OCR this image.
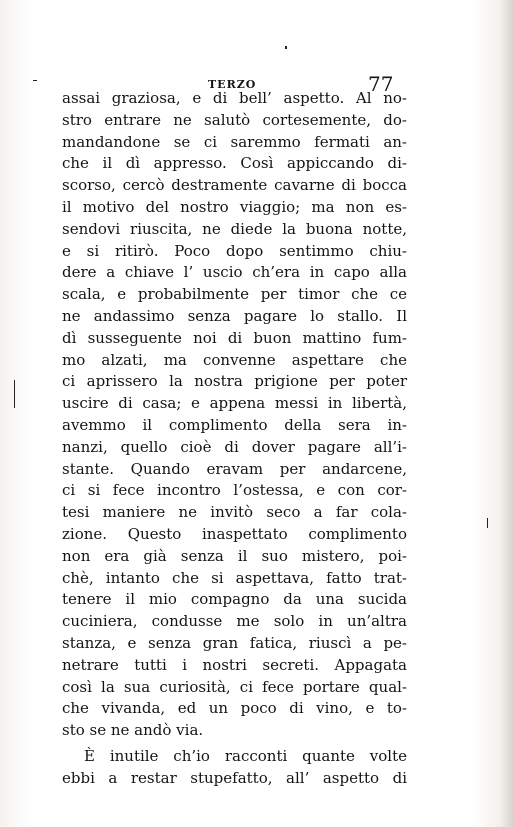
TERZO	77
assai graziosa, e di bell’ aspetto. Al no-
stro entrare ne salutò cortesemente, do-
mandandone se ci saremmo fermati an-
che il dì appresso. Così appiccando di-
scorso, cercò destramente cavarne di bocca
il motivo del nostro viaggio; ma non es-
sendovi riuscita, ne diede la buona notte,
e si ritirò. Poco dopo sentimmo chiu-
dere a chiave l’ uscio ch’era in capo alla
scala, e probabilmente per timor che ce
ne andassimo senza pagare lo stallo. Il
dì susseguente noi di buon mattino fum-
mo alzati, ma convenne aspettare che
ci aprissero la nostra prigione per poter
uscire di casa; e appena messi in libertà,
avemmo il complimento della sera in-
nanzi, quello cioè di dover pagare all’i-
stante. Quando eravam per andarcene,
ci si fece incontro l’ostessa, e con cor-
tesi maniere ne invitò seco a far cola-
zione. Questo inaspettato complimento
non era già senza il suo mistero, poi-
chè, intanto che si aspettava, fatto trat-
tenere il mio compagno da una sucida
cuciniera, condusse me solo in un’altra
stanza, e senza gran fatica, riuscì a pe-
netrare tutti i nostri secreti. Appagata
così la sua curiosità, ci fece portare qual-
che vivanda, ed un poco di vino, e to-
sto se ne andò via.
È inutile ch’io racconti quante volte
ebbi a restar stupefatto, all’ aspetto di
